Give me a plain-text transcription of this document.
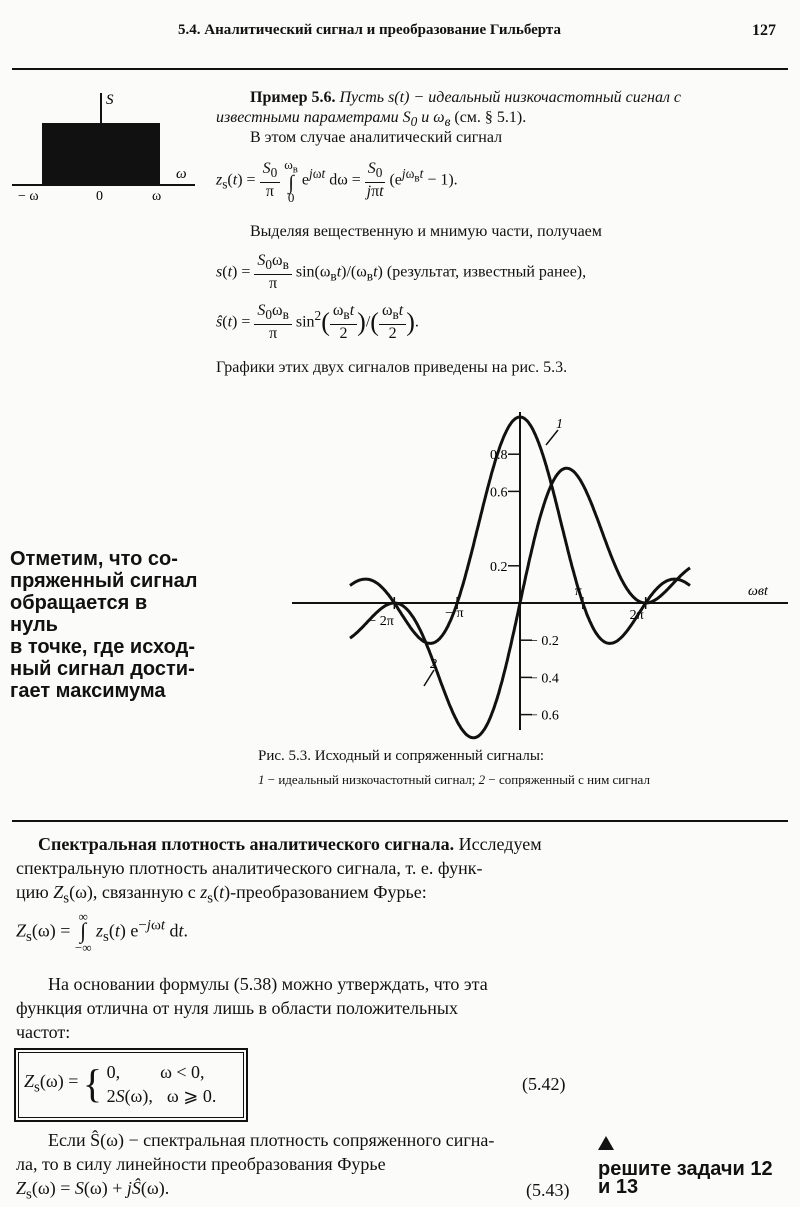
5.4. Аналитический сигнал и преобразование Гильберта	127
S
ω
− ω	0	ω
Пример 5.6. Пусть s(t) − идеальный низкочастотный сигнал с
известными параметрами $S_0$ и $\omega_в$ (см. § 5.1).
В этом случае аналитический сигнал
$z_s(t) = \frac{S_0}{\pi} \omega_в$
∫
0 $e^{j\omega t}$ $d\omega = \frac{S_0}{\text{jπt}} (e^{j\omega_вt} - 1)$.
Выделяя вещественную и мнимую части, получаем
$s(t) = \frac{S_0\omega_в}{\pi} \sin(\omega_вt)/(\omega_вt)$ (результат, известный ранее),
ŝ(t) = $\frac{S_0\omega_в}{\pi} \sin^2( \frac{\omega_вt}{2}$ )/( $\frac{\omega_вt}{2}$ ).
Графики этих двух сигналов приведены на рис. 5.3.
0.8
0.6
0.2
− 0.2
− 0.4
− 0.6
− 2π
− π
π
2π
ωвt
1
2
Отметим, что со-
пряженный сигнал
обращается в нуль
в точке, где исход-
ный сигнал дости-
гает максимума
Рис. 5.3. Исходный и сопряженный сигналы:
1 − идеальный низкочастотный сигнал; 2 − сопряженный с ним сигнал
Спектральная плотность аналитического сигнала. Исследуем
спектральную плотность аналитического сигнала, т. е. функ-
цию $Z_s(\omega)$, связанную с $z_s(t)$-преобразованием Фурье:
$Z_s(\omega)$ = ∞
∫
−∞ $z_s(t)$ $e^{-j\omega t}$ dt.
На основании формулы (5.38) можно утверждать, что эта
функция отлична от нуля лишь в области положительных
частот:
$Z_s(\omega)$ = { 0, ω < 0,
2S(ω), ω ⩾ 0.
(5.42)
Если Ŝ(ω) − спектральная плотность сопряженного сигна-
ла, то в силу линейности преобразования Фурье
$Z_s(\omega) = S(\omega)$ + jŜ(ω).	(5.43)
решите задачи 12
и 13
